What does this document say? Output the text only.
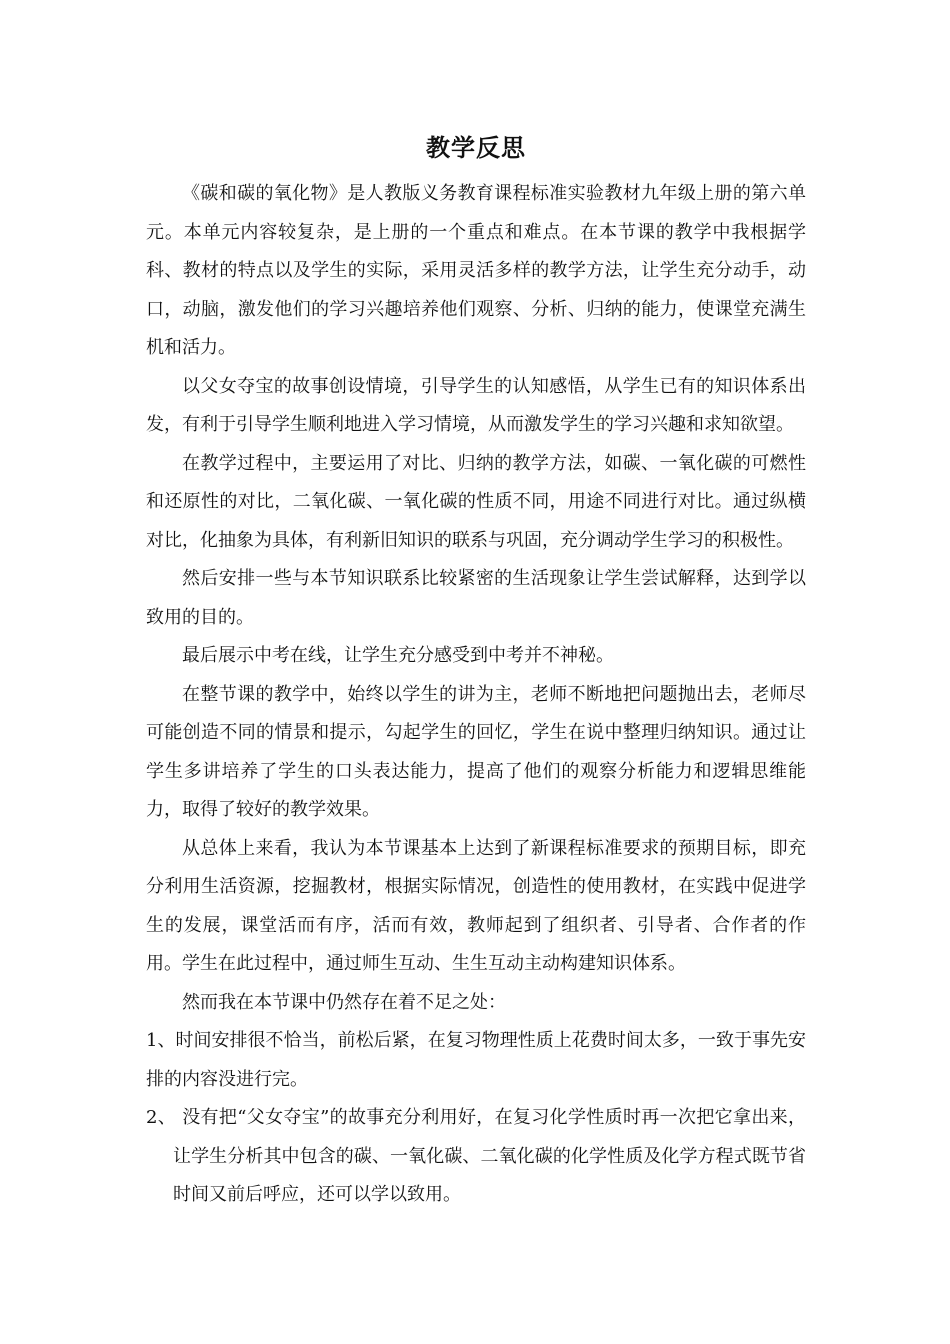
教学反思

《碳和碳的氧化物》是人教版义务教育课程标准实验教材九年级上册的第六单元。本单元内容较复杂，是上册的一个重点和难点。在本节课的教学中我根据学科、教材的特点以及学生的实际，采用灵活多样的教学方法，让学生充分动手，动口，动脑，激发他们的学习兴趣培养他们观察、分析、归纳的能力，使课堂充满生机和活力。

以父女夺宝的故事创设情境，引导学生的认知感悟，从学生已有的知识体系出发，有利于引导学生顺利地进入学习情境，从而激发学生的学习兴趣和求知欲望。

在教学过程中，主要运用了对比、归纳的教学方法，如碳、一氧化碳的可燃性和还原性的对比，二氧化碳、一氧化碳的性质不同，用途不同进行对比。通过纵横对比，化抽象为具体，有利新旧知识的联系与巩固，充分调动学生学习的积极性。

然后安排一些与本节知识联系比较紧密的生活现象让学生尝试解释，达到学以致用的目的。

最后展示中考在线，让学生充分感受到中考并不神秘。

在整节课的教学中，始终以学生的讲为主，老师不断地把问题抛出去，老师尽可能创造不同的情景和提示，勾起学生的回忆，学生在说中整理归纳知识。通过让学生多讲培养了学生的口头表达能力，提高了他们的观察分析能力和逻辑思维能力，取得了较好的教学效果。

从总体上来看，我认为本节课基本上达到了新课程标准要求的预期目标，即充分利用生活资源，挖掘教材，根据实际情况，创造性的使用教材，在实践中促进学生的发展，课堂活而有序，活而有效，教师起到了组织者、引导者、合作者的作用。学生在此过程中，通过师生互动、生生互动主动构建知识体系。

然而我在本节课中仍然存在着不足之处：

1、时间安排很不恰当，前松后紧，在复习物理性质上花费时间太多，一致于事先安排的内容没进行完。

2、 没有把“父女夺宝”的故事充分利用好，在复习化学性质时再一次把它拿出来，让学生分析其中包含的碳、一氧化碳、二氧化碳的化学性质及化学方程式既节省时间又前后呼应，还可以学以致用。
